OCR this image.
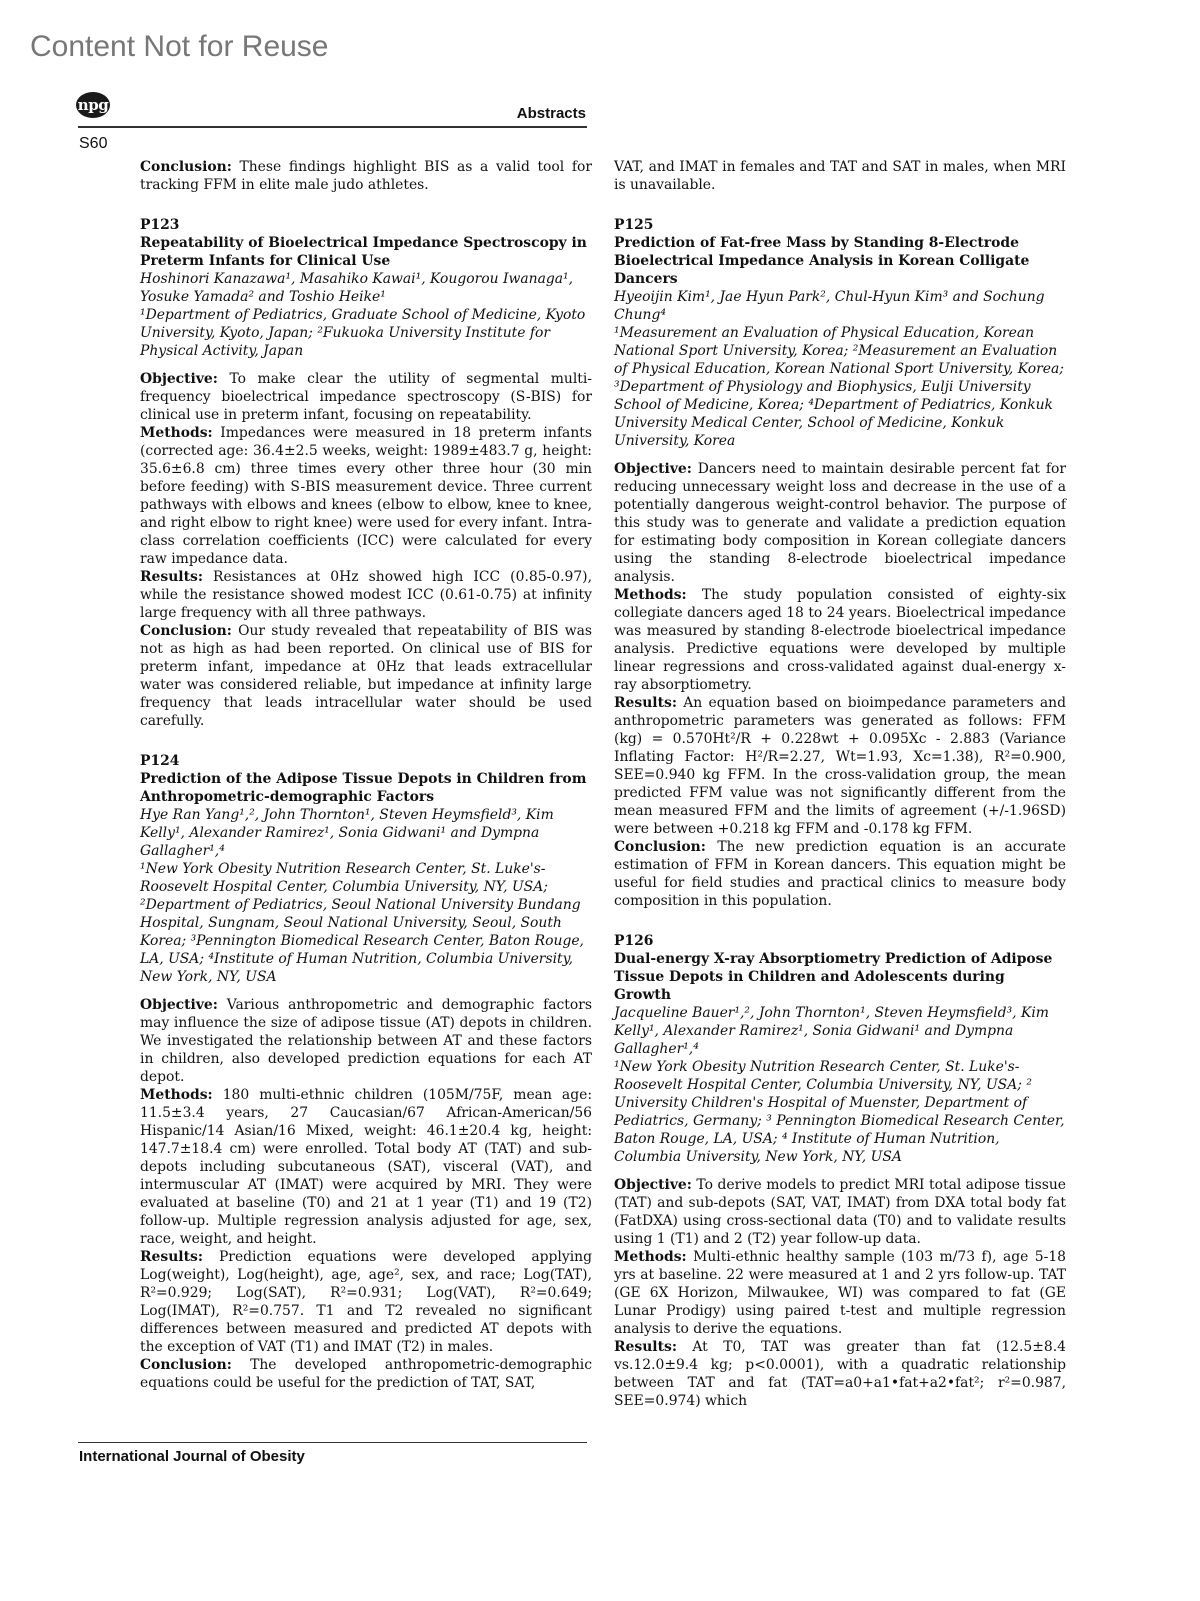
Content Not for Reuse
npg	Abstracts
S60

Conclusion: These findings highlight BIS as a valid tool for tracking FFM in elite male judo athletes.

P123

Repeatability of Bioelectrical Impedance Spectroscopy in Preterm Infants for Clinical Use

Hoshinori Kanazawa¹, Masahiko Kawai¹, Kougorou Iwanaga¹, Yosuke Yamada² and Toshio Heike¹

¹Department of Pediatrics, Graduate School of Medicine, Kyoto University, Kyoto, Japan; ²Fukuoka University Institute for Physical Activity, Japan

Objective: To make clear the utility of segmental multi-frequency bioelectrical impedance spectroscopy (S-BIS) for clinical use in preterm infant, focusing on repeatability.

Methods: Impedances were measured in 18 preterm infants (corrected age: 36.4±2.5 weeks, weight: 1989±483.7 g, height: 35.6±6.8 cm) three times every other three hour (30 min before feeding) with S-BIS measurement device. Three current pathways with elbows and knees (elbow to elbow, knee to knee, and right elbow to right knee) were used for every infant. Intra-class correlation coefficients (ICC) were calculated for every raw impedance data.

Results: Resistances at 0Hz showed high ICC (0.85-0.97), while the resistance showed modest ICC (0.61-0.75) at infinity large frequency with all three pathways.

Conclusion: Our study revealed that repeatability of BIS was not as high as had been reported. On clinical use of BIS for preterm infant, impedance at 0Hz that leads extracellular water was considered reliable, but impedance at infinity large frequency that leads intracellular water should be used carefully.

P124

Prediction of the Adipose Tissue Depots in Children from Anthropometric-demographic Factors

Hye Ran Yang¹,², John Thornton¹, Steven Heymsfield³, Kim Kelly¹, Alexander Ramirez¹, Sonia Gidwani¹ and Dympna Gallagher¹,⁴

¹New York Obesity Nutrition Research Center, St. Luke's-Roosevelt Hospital Center, Columbia University, NY, USA; ²Department of Pediatrics, Seoul National University Bundang Hospital, Sungnam, Seoul National University, Seoul, South Korea; ³Pennington Biomedical Research Center, Baton Rouge, LA, USA; ⁴Institute of Human Nutrition, Columbia University, New York, NY, USA

Objective: Various anthropometric and demographic factors may influence the size of adipose tissue (AT) depots in children. We investigated the relationship between AT and these factors in children, also developed prediction equations for each AT depot.

Methods: 180 multi-ethnic children (105M/75F, mean age: 11.5±3.4 years, 27 Caucasian/67 African-American/56 Hispanic/14 Asian/16 Mixed, weight: 46.1±20.4 kg, height: 147.7±18.4 cm) were enrolled. Total body AT (TAT) and sub-depots including subcutaneous (SAT), visceral (VAT), and intermuscular AT (IMAT) were acquired by MRI. They were evaluated at baseline (T0) and 21 at 1 year (T1) and 19 (T2) follow-up. Multiple regression analysis adjusted for age, sex, race, weight, and height.

Results: Prediction equations were developed applying Log(weight), Log(height), age, age², sex, and race; Log(TAT), R²=0.929; Log(SAT), R²=0.931; Log(VAT), R²=0.649; Log(IMAT), R²=0.757. T1 and T2 revealed no significant differences between measured and predicted AT depots with the exception of VAT (T1) and IMAT (T2) in males.

Conclusion: The developed anthropometric-demographic equations could be useful for the prediction of TAT, SAT,

VAT, and IMAT in females and TAT and SAT in males, when MRI is unavailable.

P125

Prediction of Fat-free Mass by Standing 8-Electrode Bioelectrical Impedance Analysis in Korean Colligate Dancers

Hyeoijin Kim¹, Jae Hyun Park², Chul-Hyun Kim³ and Sochung Chung⁴

¹Measurement an Evaluation of Physical Education, Korean National Sport University, Korea; ²Measurement an Evaluation of Physical Education, Korean National Sport University, Korea; ³Department of Physiology and Biophysics, Eulji University School of Medicine, Korea; ⁴Department of Pediatrics, Konkuk University Medical Center, School of Medicine, Konkuk University, Korea

Objective: Dancers need to maintain desirable percent fat for reducing unnecessary weight loss and decrease in the use of a potentially dangerous weight-control behavior. The purpose of this study was to generate and validate a prediction equation for estimating body composition in Korean collegiate dancers using the standing 8-electrode bioelectrical impedance analysis.

Methods: The study population consisted of eighty-six collegiate dancers aged 18 to 24 years. Bioelectrical impedance was measured by standing 8-electrode bioelectrical impedance analysis. Predictive equations were developed by multiple linear regressions and cross-validated against dual-energy x-ray absorptiometry.

Results: An equation based on bioimpedance parameters and anthropometric parameters was generated as follows: FFM (kg) = 0.570Ht²/R + 0.228wt + 0.095Xc - 2.883 (Variance Inflating Factor: H²/R=2.27, Wt=1.93, Xc=1.38), R²=0.900, SEE=0.940 kg FFM. In the cross-validation group, the mean predicted FFM value was not significantly different from the mean measured FFM and the limits of agreement (+/-1.96SD) were between +0.218 kg FFM and -0.178 kg FFM.

Conclusion: The new prediction equation is an accurate estimation of FFM in Korean dancers. This equation might be useful for field studies and practical clinics to measure body composition in this population.

P126

Dual-energy X-ray Absorptiometry Prediction of Adipose Tissue Depots in Children and Adolescents during Growth

Jacqueline Bauer¹,², John Thornton¹, Steven Heymsfield³, Kim Kelly¹, Alexander Ramirez¹, Sonia Gidwani¹ and Dympna Gallagher¹,⁴

¹New York Obesity Nutrition Research Center, St. Luke's-Roosevelt Hospital Center, Columbia University, NY, USA; ² University Children's Hospital of Muenster, Department of Pediatrics, Germany; ³ Pennington Biomedical Research Center, Baton Rouge, LA, USA; ⁴ Institute of Human Nutrition, Columbia University, New York, NY, USA

Objective: To derive models to predict MRI total adipose tissue (TAT) and sub-depots (SAT, VAT, IMAT) from DXA total body fat (FatDXA) using cross-sectional data (T0) and to validate results using 1 (T1) and 2 (T2) year follow-up data.

Methods: Multi-ethnic healthy sample (103 m/73 f), age 5-18 yrs at baseline. 22 were measured at 1 and 2 yrs follow-up. TAT (GE 6X Horizon, Milwaukee, WI) was compared to fat (GE Lunar Prodigy) using paired t-test and multiple regression analysis to derive the equations.

Results: At T0, TAT was greater than fat (12.5±8.4 vs.12.0±9.4 kg; p<0.0001), with a quadratic relationship between TAT and fat (TAT=a0+a1•fat+a2•fat²; r²=0.987, SEE=0.974) which

International Journal of Obesity
